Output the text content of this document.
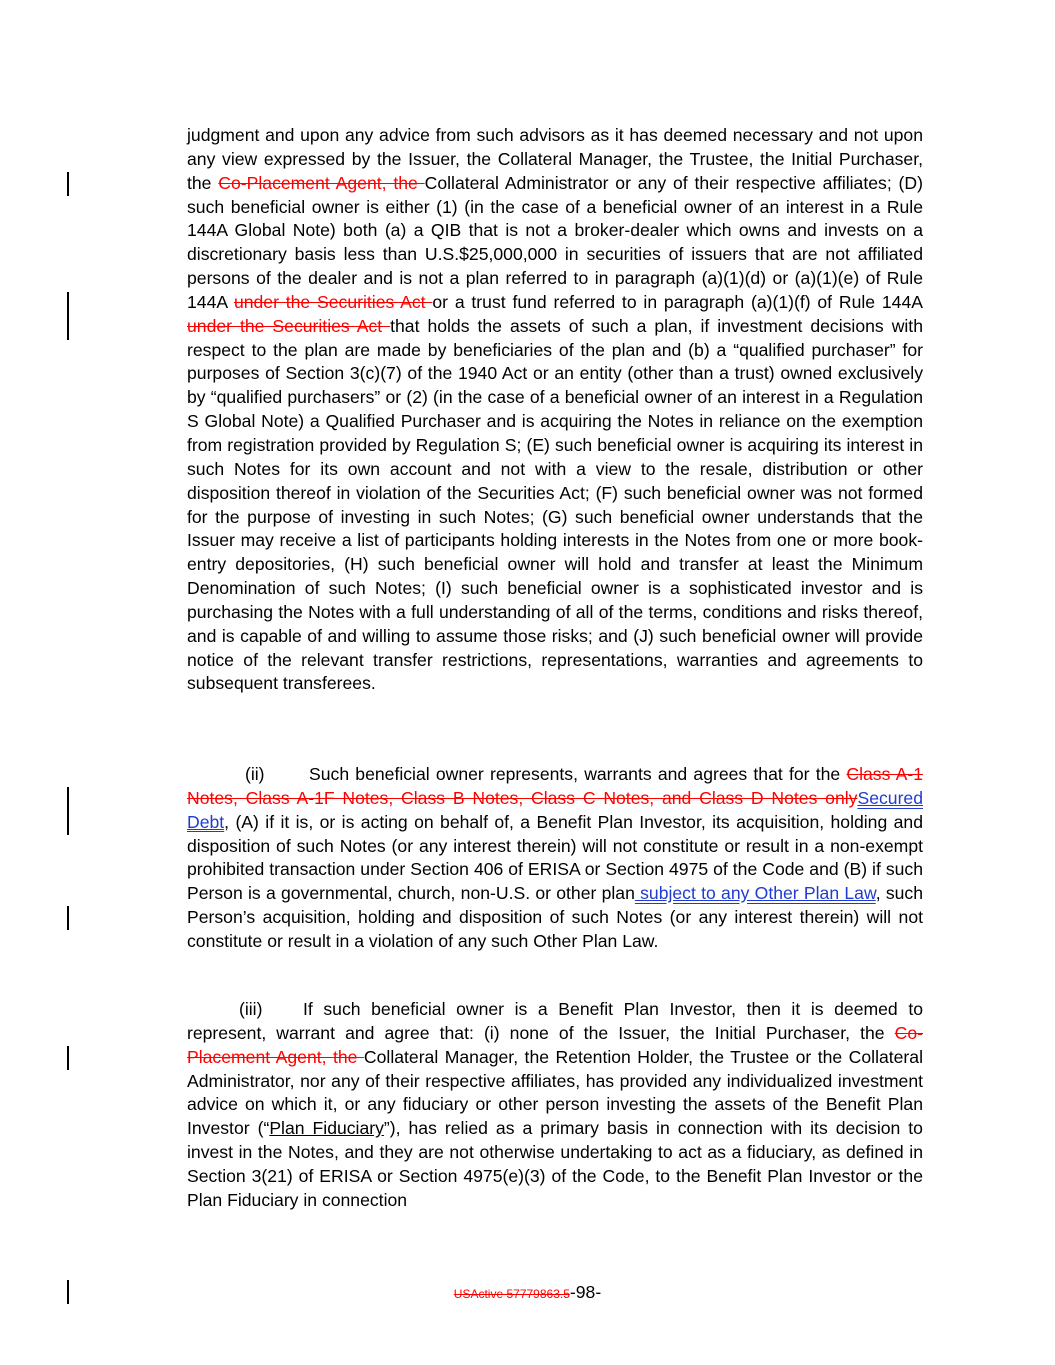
judgment and upon any advice from such advisors as it has deemed necessary and not upon any view expressed by the Issuer, the Collateral Manager, the Trustee, the Initial Purchaser, the Co-Placement Agent, the Collateral Administrator or any of their respective affiliates; (D) such beneficial owner is either (1) (in the case of a beneficial owner of an interest in a Rule 144A Global Note) both (a) a QIB that is not a broker-dealer which owns and invests on a discretionary basis less than U.S.$25,000,000 in securities of issuers that are not affiliated persons of the dealer and is not a plan referred to in paragraph (a)(1)(d) or (a)(1)(e) of Rule 144A under the Securities Act or a trust fund referred to in paragraph (a)(1)(f) of Rule 144A under the Securities Act that holds the assets of such a plan, if investment decisions with respect to the plan are made by beneficiaries of the plan and (b) a “qualified purchaser” for purposes of Section 3(c)(7) of the 1940 Act or an entity (other than a trust) owned exclusively by “qualified purchasers” or (2) (in the case of a beneficial owner of an interest in a Regulation S Global Note) a Qualified Purchaser and is acquiring the Notes in reliance on the exemption from registration provided by Regulation S; (E) such beneficial owner is acquiring its interest in such Notes for its own account and not with a view to the resale, distribution or other disposition thereof in violation of the Securities Act; (F) such beneficial owner was not formed for the purpose of investing in such Notes; (G) such beneficial owner understands that the Issuer may receive a list of participants holding interests in the Notes from one or more book-entry depositories, (H) such beneficial owner will hold and transfer at least the Minimum Denomination of such Notes; (I) such beneficial owner is a sophisticated investor and is purchasing the Notes with a full understanding of all of the terms, conditions and risks thereof, and is capable of and willing to assume those risks; and (J) such beneficial owner will provide notice of the relevant transfer restrictions, representations, warranties and agreements to subsequent transferees.
(ii)	Such beneficial owner represents, warrants and agrees that for the Class A-1 Notes, Class A-1F Notes, Class B Notes, Class C Notes, and Class D Notes onlySecured Debt, (A) if it is, or is acting on behalf of, a Benefit Plan Investor, its acquisition, holding and disposition of such Notes (or any interest therein) will not constitute or result in a non-exempt prohibited transaction under Section 406 of ERISA or Section 4975 of the Code and (B) if such Person is a governmental, church, non-U.S. or other plan subject to any Other Plan Law, such Person’s acquisition, holding and disposition of such Notes (or any interest therein) will not constitute or result in a violation of any such Other Plan Law.
(iii) If such beneficial owner is a Benefit Plan Investor, then it is deemed to represent, warrant and agree that: (i) none of the Issuer, the Initial Purchaser, the Co-Placement Agent, the Collateral Manager, the Retention Holder, the Trustee or the Collateral Administrator, nor any of their respective affiliates, has provided any individualized investment advice on which it, or any fiduciary or other person investing the assets of the Benefit Plan Investor (“Plan Fiduciary”), has relied as a primary basis in connection with its decision to invest in the Notes, and they are not otherwise undertaking to act as a fiduciary, as defined in Section 3(21) of ERISA or Section 4975(e)(3) of the Code, to the Benefit Plan Investor or the Plan Fiduciary in connection
USActive 57779863.5-98-
